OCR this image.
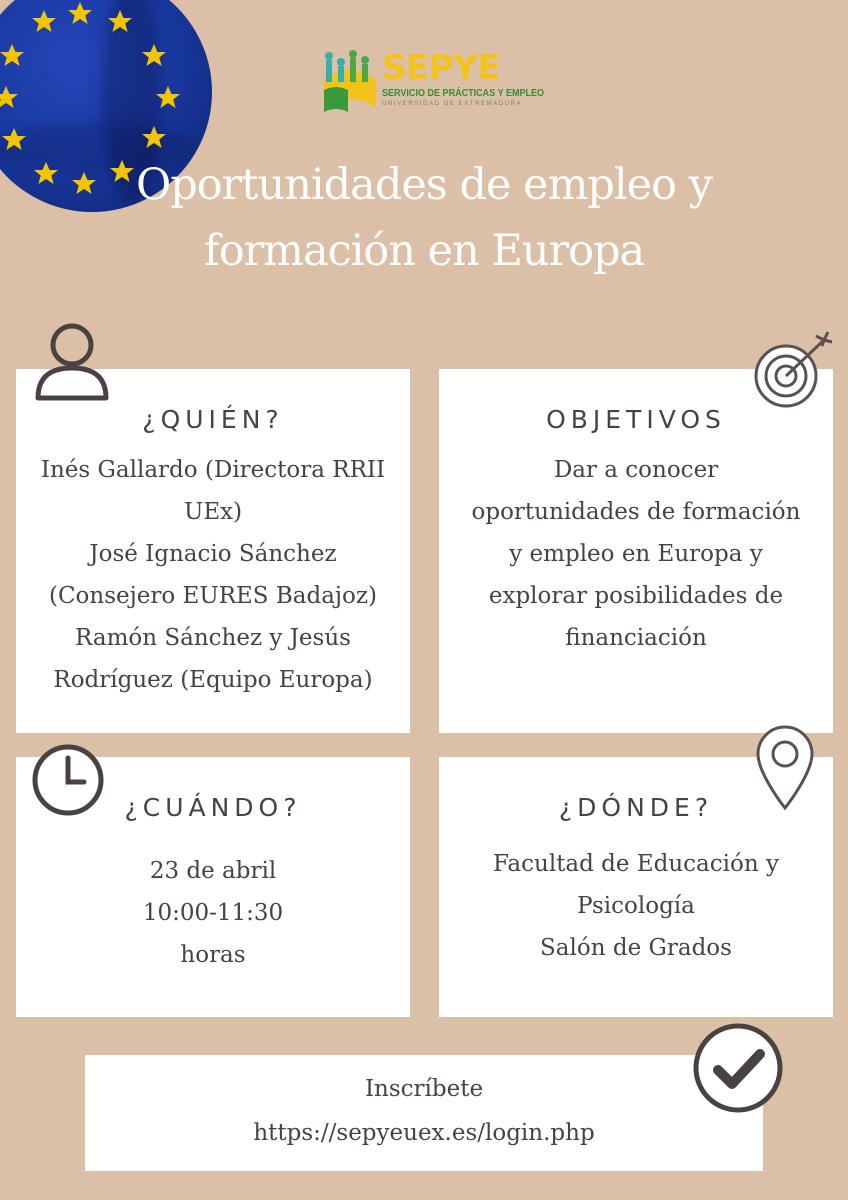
SEPYE
SERVICIO DE PRÁCTICAS Y EMPLEO
UNIVERSIDAD DE EXTREMADURA
Oportunidades de empleo y
formación en Europa
¿QUIÉN?
Inés Gallardo (Directora RRII
UEx)
José Ignacio Sánchez
(Consejero EURES Badajoz)
Ramón Sánchez y Jesús
Rodríguez (Equipo Europa)
OBJETIVOS
Dar a conocer
oportunidades de formación
y empleo en Europa y
explorar posibilidades de
financiación
¿CUÁNDO?
23 de abril
10:00-11:30
horas
¿DÓNDE?
Facultad de Educación y
Psicología
Salón de Grados
Inscríbete
https://sepyeuex.es/login.php
